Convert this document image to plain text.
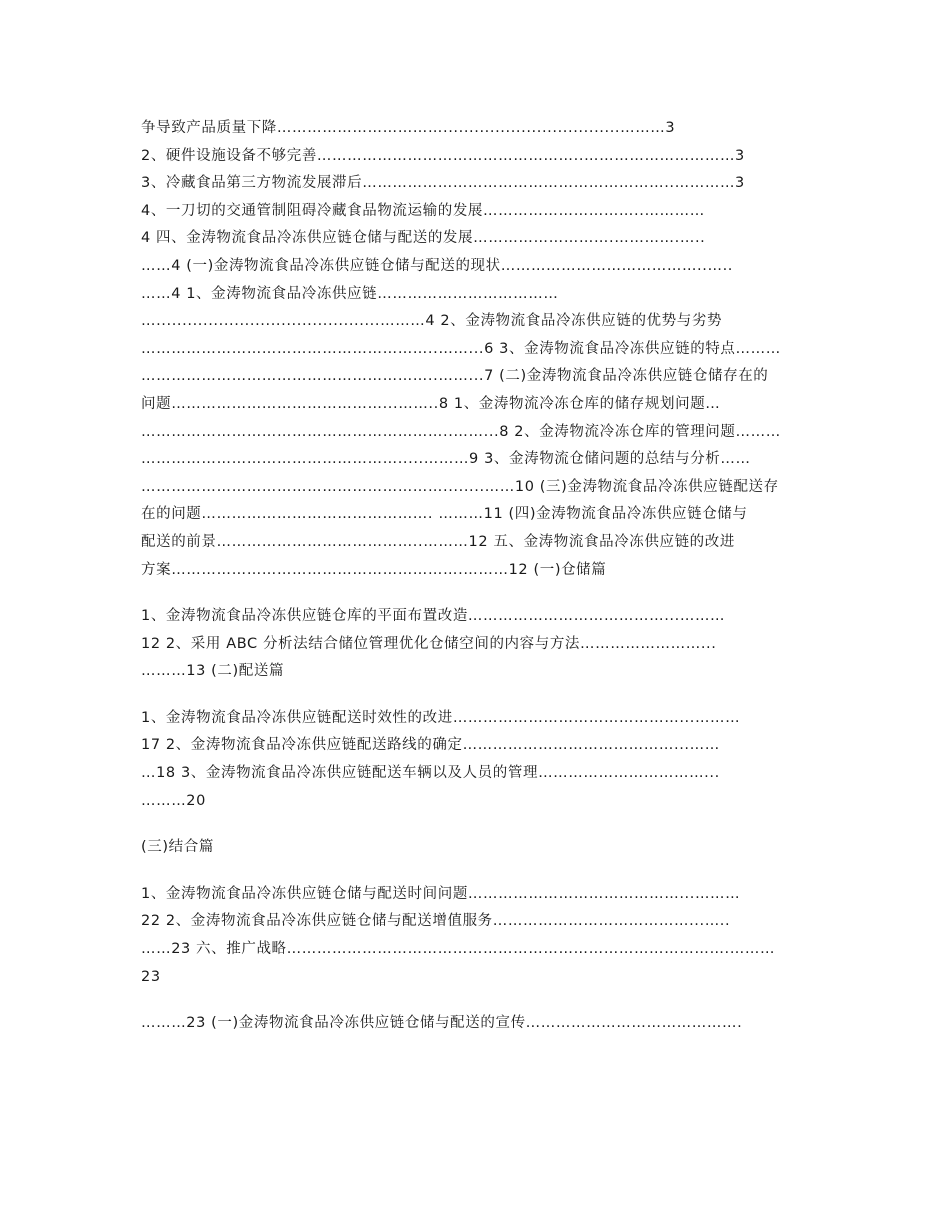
争导致产品质量下降……………………………..................................………3
2、硬件设施设备不够完善……………………………………………..…………………………3
3、冷藏食品第三方物流发展滞后……………………………………………………..…………3
4、一刀切的交通管制阻碍冷藏食品物流运输的发展…………………………..…………
4 四、金涛物流食品冷冻供应链仓储与配送的发展……………………….………….…..
……4 (一)金涛物流食品冷冻供应链仓储与配送的现状…………………………………..…..
……4 1、金涛物流食品冷冻供应链………………………………
…...........................................………4 2、金涛物流食品冷冻供应链的优势与劣势
…………………………………………………..……...6 3、金涛物流食品冷冻供应链的特点………
…………………………………………………..……...7 (二)金涛物流食品冷冻供应链仓储存在的
问题……………………………………...……..8 1、金涛物流冷冻仓库的储存规划问题…
……………………………………………………..……...8 2、金涛物流冷冻仓库的管理问题………
…………………………………………….....………9 3、金涛物流仓储问题的总结与分析……
……………………………………………………........……10 (三)金涛物流食品冷冻供应链配送存
在的问题………………………………………. ………11 (四)金涛物流食品冷冻供应链仓储与
配送的前景…………………………………..………12 五、金涛物流食品冷冻供应链的改进
方案………………………………………………….………12 (一)仓储篇
1、金涛物流食品冷冻供应链仓库的平面布置改造…………………………………...………
12 2、采用 ABC 分析法结合储位管理优化仓储空间的内容与方法……………………...
………13 (二)配送篇
1、金涛物流食品冷冻供应链配送时效性的改进………………………………………...………
17 2、金涛物流食品冷冻供应链配送路线的确定……………………………………...……
…18 3、金涛物流食品冷冻供应链配送车辆以及人员的管理……………………………...
………20
(三)结合篇
1、金涛物流食品冷冻供应链仓储与配送时间问题……………………………………...………
22 2、金涛物流食品冷冻供应链仓储与配送增值服务…………………………………...…..
……23 六、推广战略…………………………………………………………………………….………
23
………23 (一)金涛物流食品冷冻供应链仓储与配送的宣传…………………………………….
